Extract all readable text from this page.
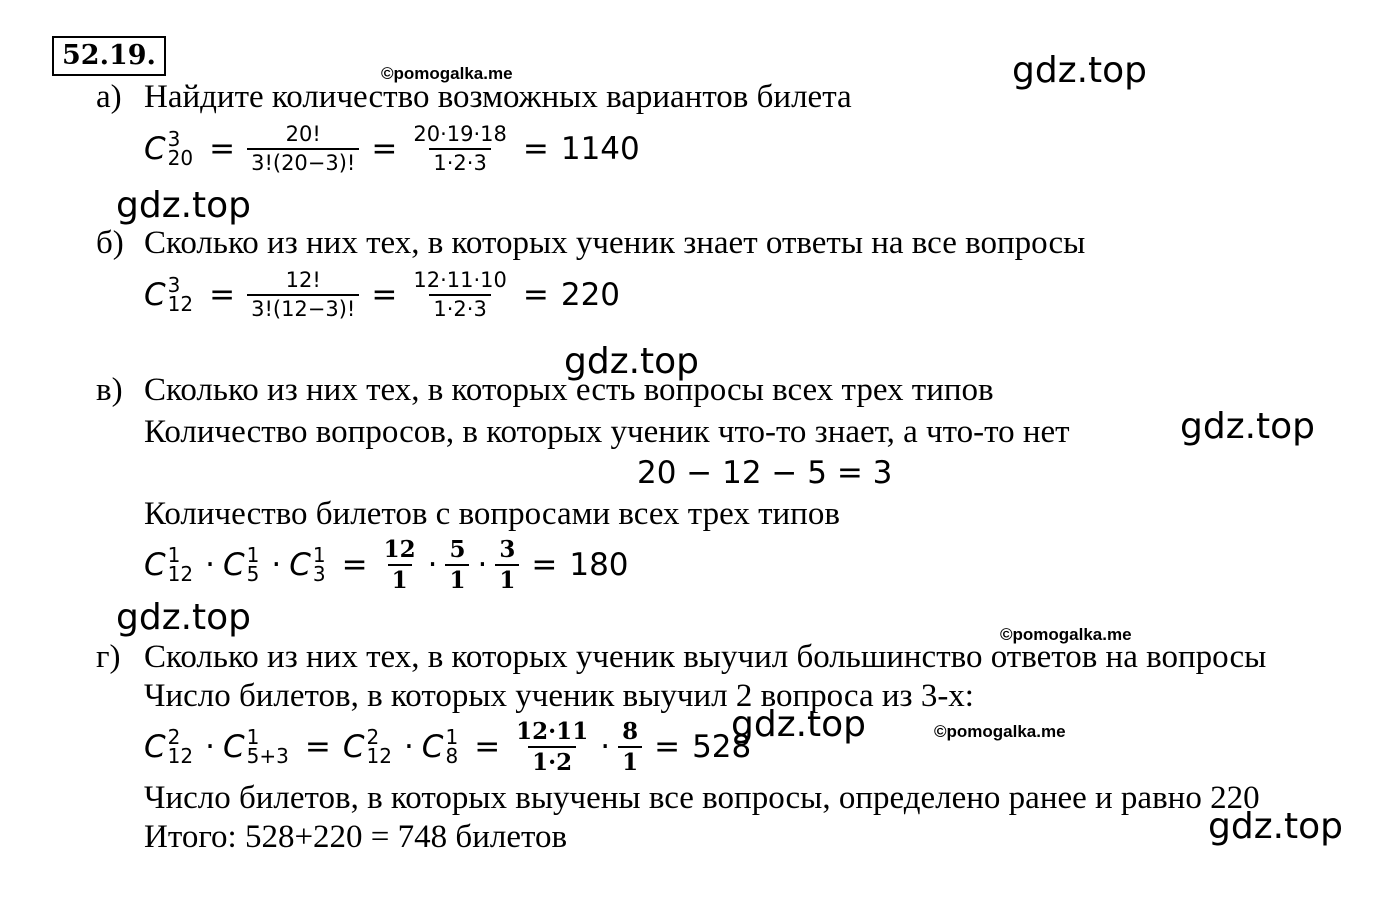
52.19.
©pomogalka.me	gdz.top
gdz.top
gdz.top
gdz.top
gdz.top	©pomogalka.me
gdz.top	©pomogalka.me
gdz.top
а) Найдите количество возможных вариантов билета
C 3
$20 = \frac{20!}{3!(20-3)!} = \frac{20\cdot 19\cdot 18}{1\cdot 2\cdot 3} = 1140$
б) Сколько из них тех, в которых ученик знает ответы на все вопросы
C 3
$12 = \frac{12!}{3!(12-3)!} = \frac{12\cdot 11\cdot 10}{1\cdot 2\cdot 3} = 220$
в) Сколько из них тех, в которых есть вопросы всех трех типов
Количество вопросов, в которых ученик что-то знает, а что-то нет
20 − 12 − 5 = 3
Количество билетов с вопросами всех трех типов
C 1
12 · C 1
5 · C 1
$3 = \frac{12}{1} \cdot \frac{5}{1} \cdot \frac{3}{1} = 180$
г) Сколько из них тех, в которых ученик выучил большинство ответов на вопросы
Число билетов, в которых ученик выучил 2 вопроса из 3-х:
C 2
12 · C 1
5+3 = C 2
12 · C 1
$8 = \frac{12\cdot 11}{1\cdot 2} \cdot \frac{8}{1} = 528$
Число билетов, в которых выучены все вопросы, определено ранее и равно 220
Итого: 528+220 = 748 билетов
